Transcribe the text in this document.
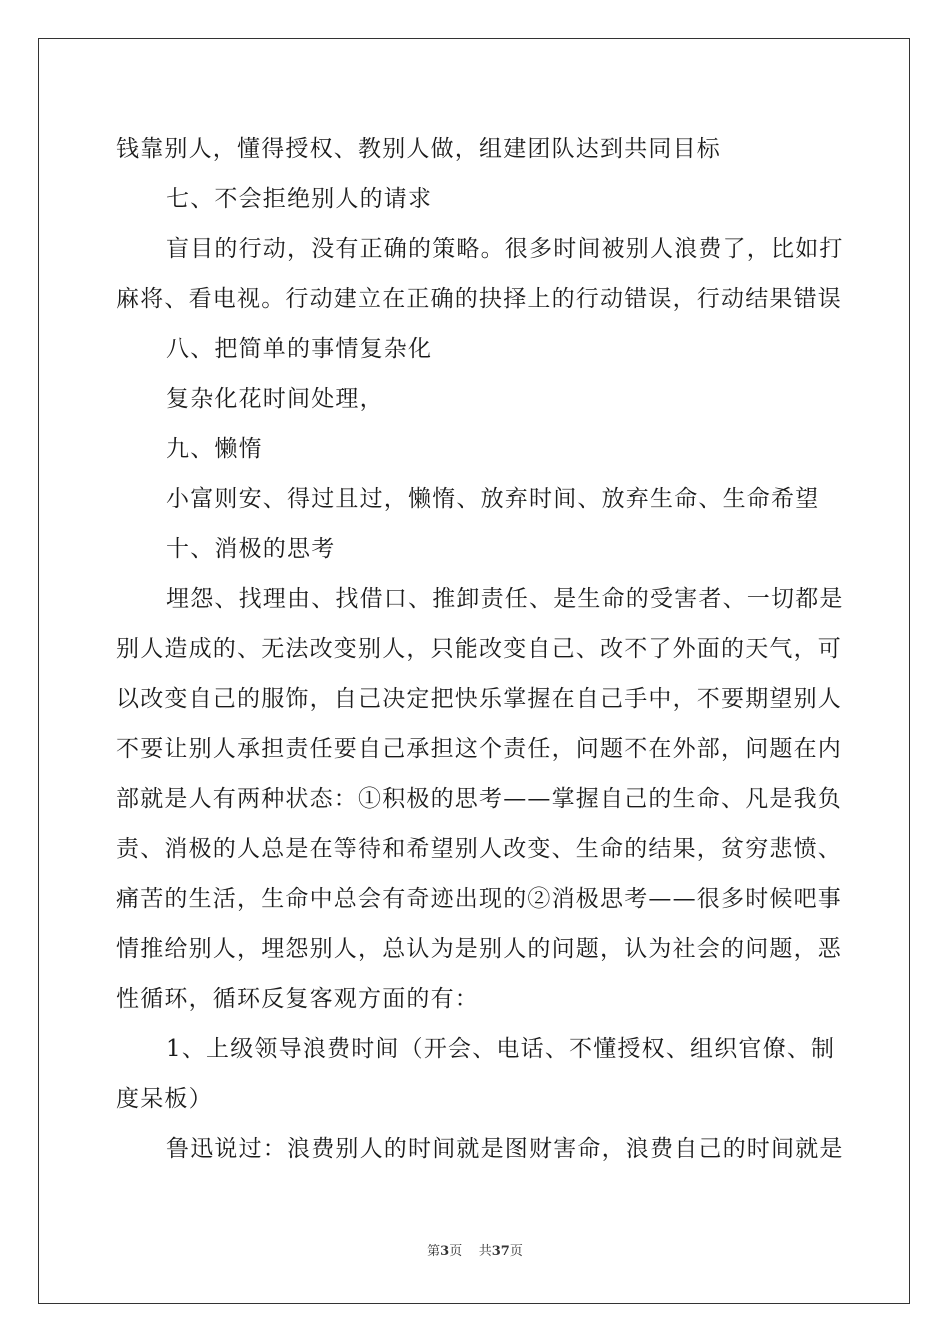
钱靠别人，懂得授权、教别人做，组建团队达到共同目标
七、不会拒绝别人的请求
盲目的行动，没有正确的策略。很多时间被别人浪费了，比如打
麻将、看电视。行动建立在正确的抉择上的行动错误，行动结果错误
八、把简单的事情复杂化
复杂化花时间处理，
九、懒惰
小富则安、得过且过，懒惰、放弃时间、放弃生命、生命希望
十、消极的思考
埋怨、找理由、找借口、推卸责任、是生命的受害者、一切都是
别人造成的、无法改变别人，只能改变自己、改不了外面的天气，可
以改变自己的服饰，自己决定把快乐掌握在自己手中，不要期望别人
不要让别人承担责任要自己承担这个责任，问题不在外部，问题在内
部就是人有两种状态：①积极的思考——掌握自己的生命、凡是我负
责、消极的人总是在等待和希望别人改变、生命的结果，贫穷悲愤、
痛苦的生活，生命中总会有奇迹出现的②消极思考——很多时候吧事
情推给别人，埋怨别人，总认为是别人的问题，认为社会的问题，恶
性循环，循环反复客观方面的有：
1、上级领导浪费时间（开会、电话、不懂授权、组织官僚、制
度呆板）
鲁迅说过：浪费别人的时间就是图财害命，浪费自己的时间就是
第3页 共37页
